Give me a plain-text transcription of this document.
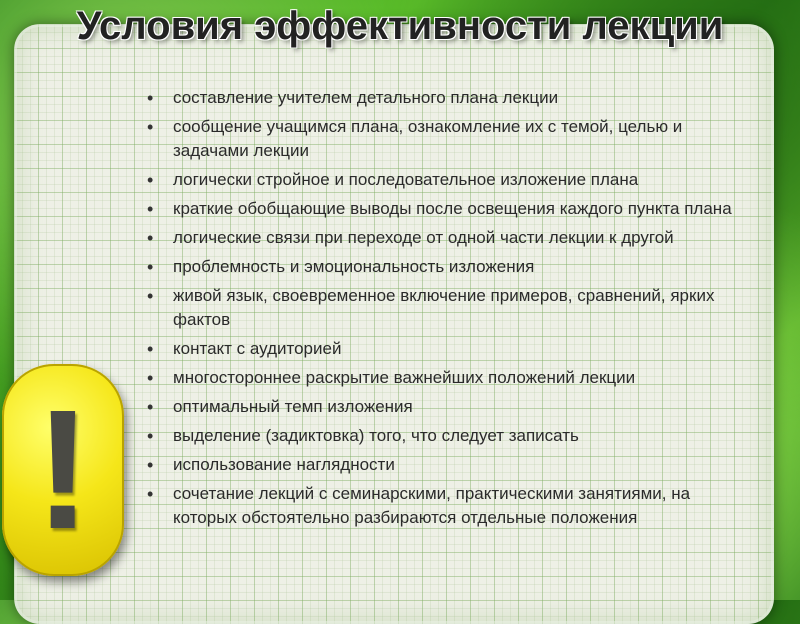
Условия эффективности лекции
• составление учителем детального плана лекции
• сообщение учащимся плана, ознакомление их с темой, целью и задачами лекции
• логически стройное и последовательное изложение плана
• краткие обобщающие выводы после освещения каждого пункта плана
• логические связи при переходе от одной части лекции к другой
• проблемность и эмоциональность изложения
• живой язык, своевременное включение примеров, сравнений, ярких фактов
• контакт с аудиторией
• многостороннее раскрытие важнейших положений лекции
• оптимальный темп изложения
• выделение (задиктовка) того, что следует записать
• использование наглядности
• сочетание лекций с семинарскими, практическими занятиями, на которых обстоятельно разбираются отдельные положения
!
